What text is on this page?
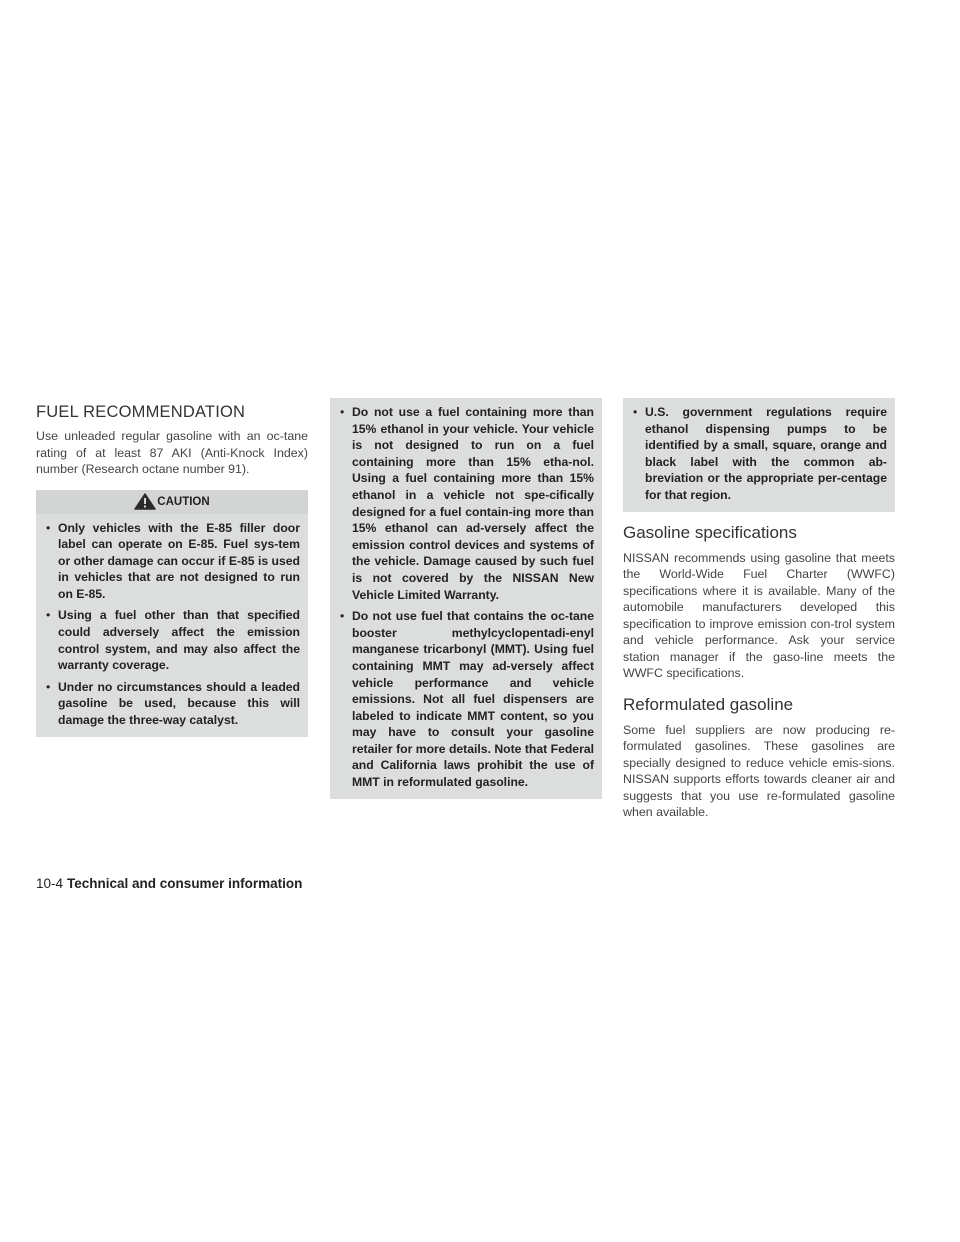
FUEL RECOMMENDATION

Use unleaded regular gasoline with an oc-tane rating of at least 87 AKI (Anti-Knock Index) number (Research octane number 91).

CAUTION
• Only vehicles with the E-85 filler door label can operate on E-85. Fuel sys-tem or other damage can occur if E-85 is used in vehicles that are not designed to run on E-85.
• Using a fuel other than that specified could adversely affect the emission control system, and may also affect the warranty coverage.
• Under no circumstances should a leaded gasoline be used, because this will damage the three-way catalyst.
• Do not use a fuel containing more than 15% ethanol in your vehicle. Your vehicle is not designed to run on a fuel containing more than 15% etha-nol. Using a fuel containing more than 15% ethanol in a vehicle not spe-cifically designed for a fuel contain-ing more than 15% ethanol can ad-versely affect the emission control devices and systems of the vehicle. Damage caused by such fuel is not covered by the NISSAN New Vehicle Limited Warranty.
• Do not use fuel that contains the oc-tane booster methylcyclopentadi-enyl manganese tricarbonyl (MMT). Using fuel containing MMT may ad-versely affect vehicle performance and vehicle emissions. Not all fuel dispensers are labeled to indicate MMT content, so you may have to consult your gasoline retailer for more details. Note that Federal and California laws prohibit the use of MMT in reformulated gasoline.
• U.S. government regulations require ethanol dispensing pumps to be identified by a small, square, orange and black label with the common ab-breviation or the appropriate per-centage for that region.
Gasoline specifications

NISSAN recommends using gasoline that meets the World-Wide Fuel Charter (WWFC) specifications where it is available. Many of the automobile manufacturers developed this specification to improve emission con-trol system and vehicle performance. Ask your service station manager if the gaso-line meets the WWFC specifications.

Reformulated gasoline

Some fuel suppliers are now producing re-formulated gasolines. These gasolines are specially designed to reduce vehicle emis-sions. NISSAN supports efforts towards cleaner air and suggests that you use re-formulated gasoline when available.

10-4 Technical and consumer information
